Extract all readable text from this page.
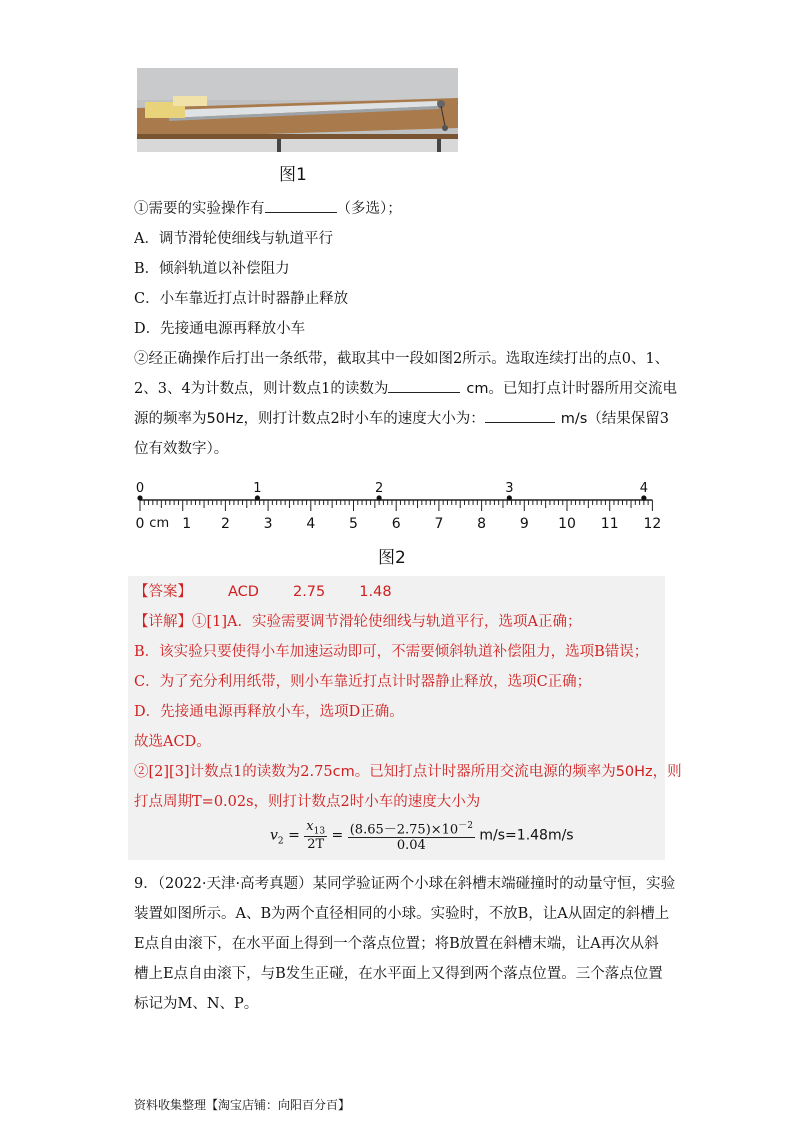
图1
①需要的实验操作有	（多选）；
A．调节滑轮使细线与轨道平行
B．倾斜轨道以补偿阻力
C．小车靠近打点计时器静止释放
D．先接通电源再释放小车
②经正确操作后打出一条纸带，截取其中一段如图2所示。选取连续打出的点0、1、
2、3、4为计数点，则计数点1的读数为	cm。已知打点计时器所用交流电
源的频率为50Hz，则打计数点2时小车的速度大小为：	m/s（结果保留3
位有效数字）。
0	1 2 3 4 5 6 7 8 9 10 11 12
cm
0	1	2	3	4
图2
【答案】 ACD 2.75 1.48
【详解】①[1]A．实验需要调节滑轮使细线与轨道平行，选项A正确；
B．该实验只要使得小车加速运动即可，不需要倾斜轨道补偿阻力，选项B错误；
C．为了充分利用纸带，则小车靠近打点计时器静止释放，选项C正确；
D．先接通电源再释放小车，选项D正确。
故选ACD。
②[2][3]计数点1的读数为2.75cm。已知打点计时器所用交流电源的频率为50Hz，则
打点周期T=0.02s，则打计数点2时小车的速度大小为
$v_2 = \frac{x_{13}}{2T} = \frac{(8.65-2.75)\times 10^{-2}}{0.04} m/s=1.48m/s$
9．（2022·天津·高考真题）某同学验证两个小球在斜槽末端碰撞时的动量守恒，实验
装置如图所示。A、B为两个直径相同的小球。实验时，不放B，让A从固定的斜槽上
E点自由滚下，在水平面上得到一个落点位置；将B放置在斜槽末端，让A再次从斜
槽上E点自由滚下，与B发生正碰，在水平面上又得到两个落点位置。三个落点位置
标记为M、N、P。
资料收集整理【淘宝店铺：向阳百分百】
